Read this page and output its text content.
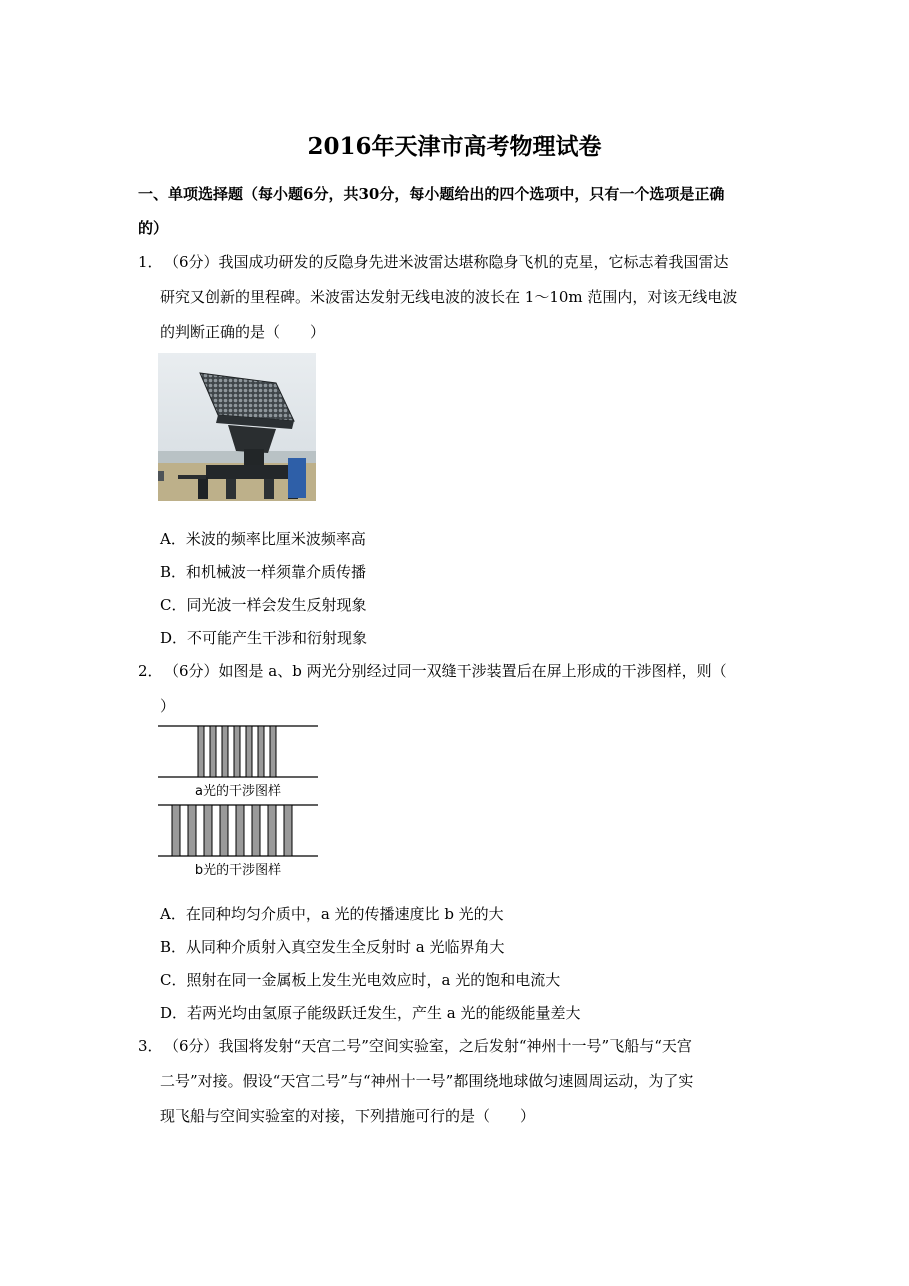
2016年天津市高考物理试卷
一、单项选择题（每小题6分，共30分，每小题给出的四个选项中，只有一个选项是正确
的）
1． （6分）我国成功研发的反隐身先进米波雷达堪称隐身飞机的克星，它标志着我国雷达
研究又创新的里程碑。米波雷达发射无线电波的波长在 1～10m 范围内，对该无线电波
的判断正确的是（　　）
A．米波的频率比厘米波频率高
B．和机械波一样须靠介质传播
C．同光波一样会发生反射现象
D．不可能产生干涉和衍射现象
2． （6分）如图是 a、b 两光分别经过同一双缝干涉装置后在屏上形成的干涉图样，则（
）
a光的干涉图样
b光的干涉图样
A．在同种均匀介质中，a 光的传播速度比 b 光的大
B．从同种介质射入真空发生全反射时 a 光临界角大
C．照射在同一金属板上发生光电效应时，a 光的饱和电流大
D．若两光均由氢原子能级跃迁发生，产生 a 光的能级能量差大
3． （6分）我国将发射“天宫二号”空间实验室，之后发射“神州十一号”飞船与“天宫
二号”对接。假设“天宫二号”与“神州十一号”都围绕地球做匀速圆周运动，为了实
现飞船与空间实验室的对接，下列措施可行的是（　　）
